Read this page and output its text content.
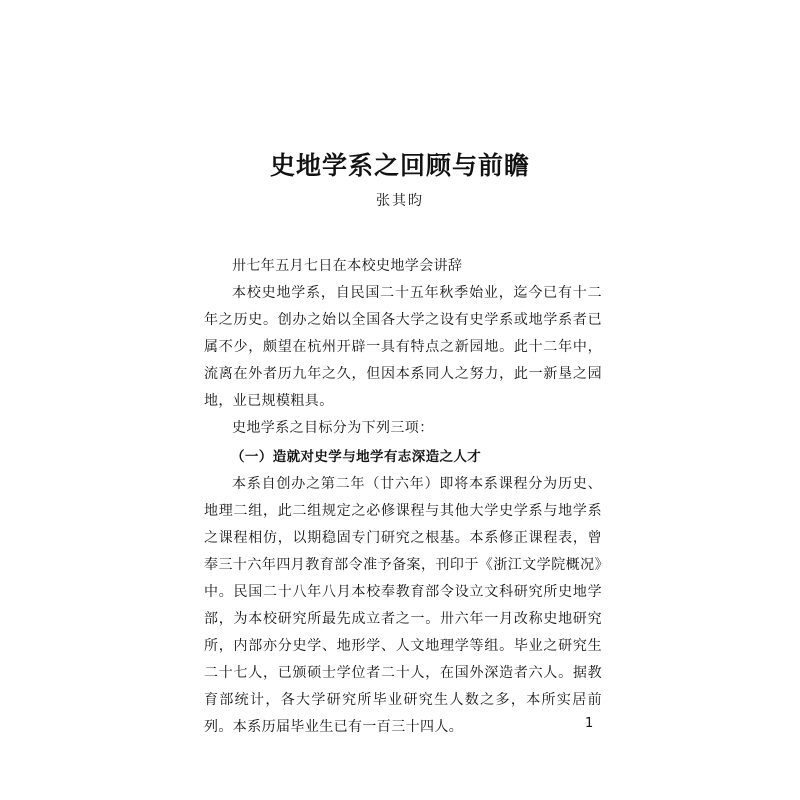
史地学系之回顾与前瞻
张其昀

卅七年五月七日在本校史地学会讲辞

本校史地学系，自民国二十五年秋季始业，迄今已有十二年之历史。创办之始以全国各大学之设有史学系或地学系者已属不少，颇望在杭州开辟一具有特点之新园地。此十二年中，流离在外者历九年之久，但因本系同人之努力，此一新垦之园地，业已规模粗具。

史地学系之目标分为下列三项：

（一）造就对史学与地学有志深造之人才

本系自创办之第二年（廿六年）即将本系课程分为历史、地理二组，此二组规定之必修课程与其他大学史学系与地学系之课程相仿，以期稳固专门研究之根基。本系修正课程表，曾奉三十六年四月教育部令准予备案，刊印于《浙江文学院概况》中。民国二十八年八月本校奉教育部令设立文科研究所史地学部，为本校研究所最先成立者之一。卅六年一月改称史地研究所，内部亦分史学、地形学、人文地理学等组。毕业之研究生二十七人，已颁硕士学位者二十人，在国外深造者六人。据教育部统计，各大学研究所毕业研究生人数之多，本所实居前列。本系历届毕业生已有一百三十四人。	1
